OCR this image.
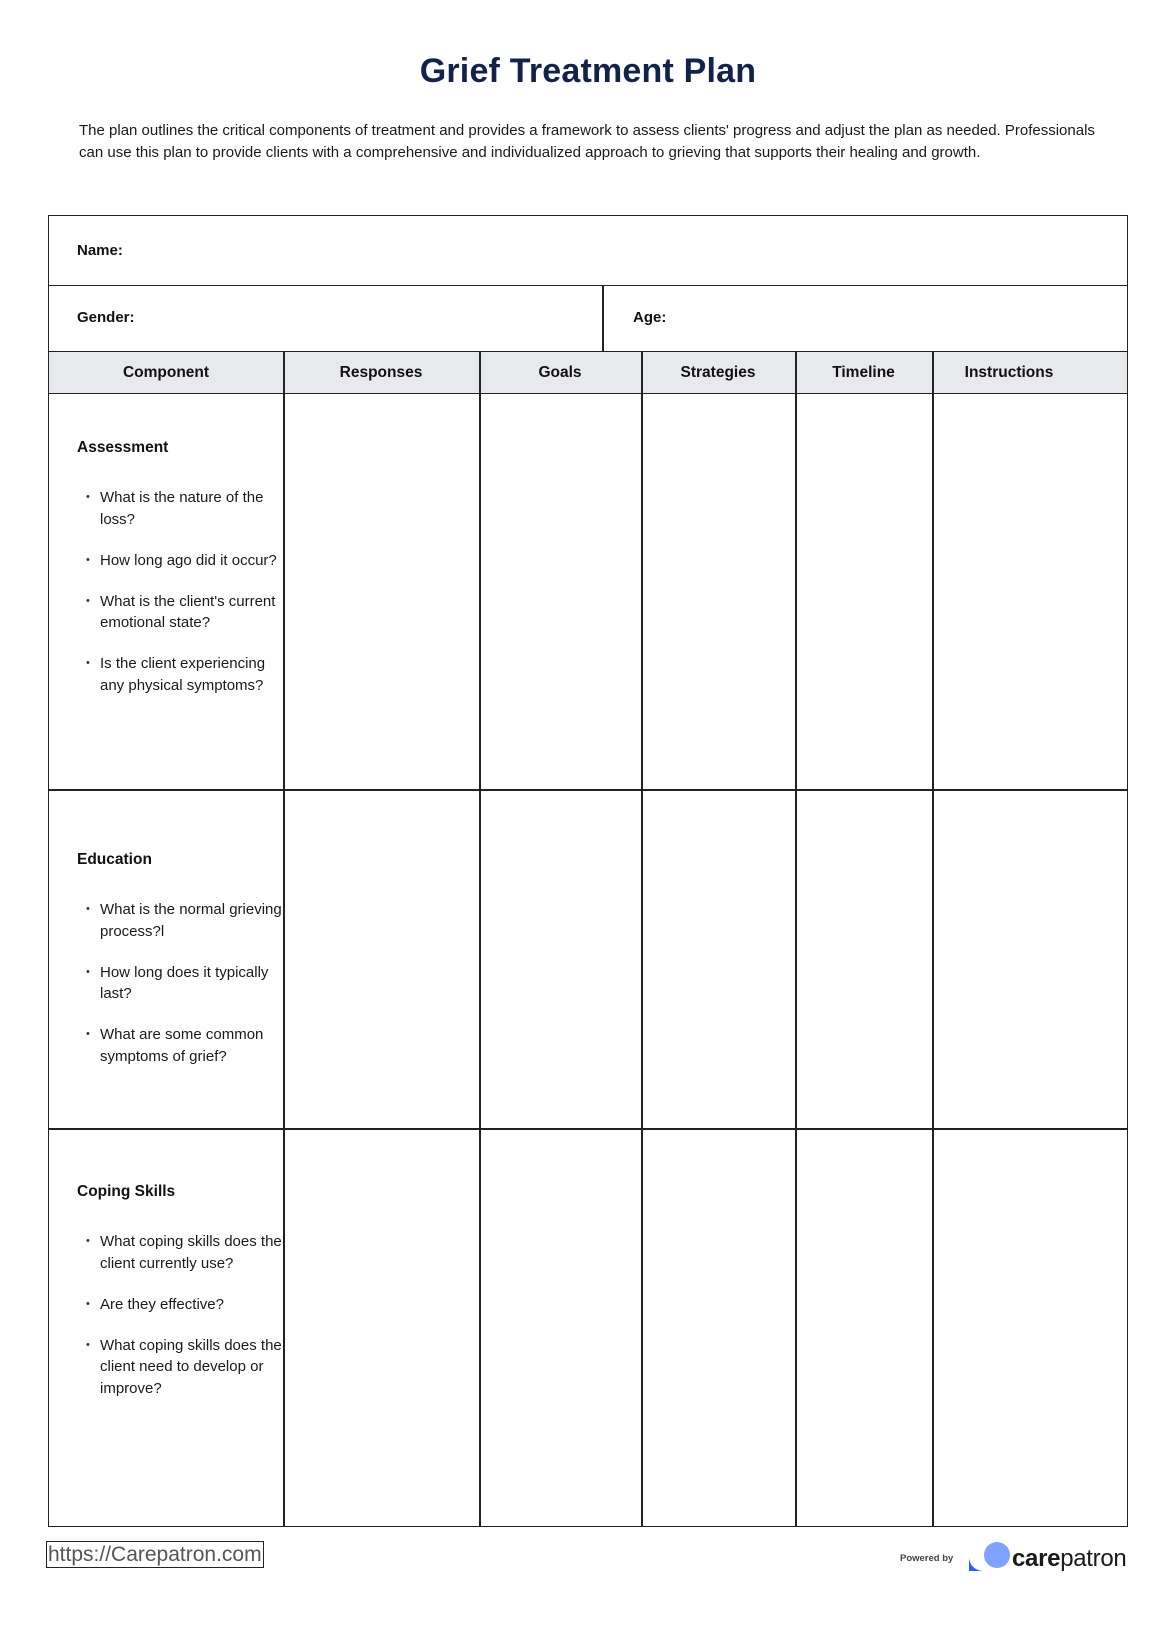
Grief Treatment Plan
The plan outlines the critical components of treatment and provides a framework to assess clients' progress and adjust the plan as needed. Professionals can use this plan to provide clients with a comprehensive and individualized approach to grieving that supports their healing and growth.
Name:
Gender:	Age:
Component	Responses	Goals	Strategies	Timeline	Instructions
Assessment
• What is the nature of the loss?
• How long ago did it occur?
• What is the client's current emotional state?
• Is the client experiencing any physical symptoms?
Education
• What is the normal grieving process?l
• How long does it typically last?
• What are some common symptoms of grief?
Coping Skills
• What coping skills does the client currently use?
• Are they effective?
• What coping skills does the client need to develop or improve?
https://Carepatron.com	Powered by carepatron
